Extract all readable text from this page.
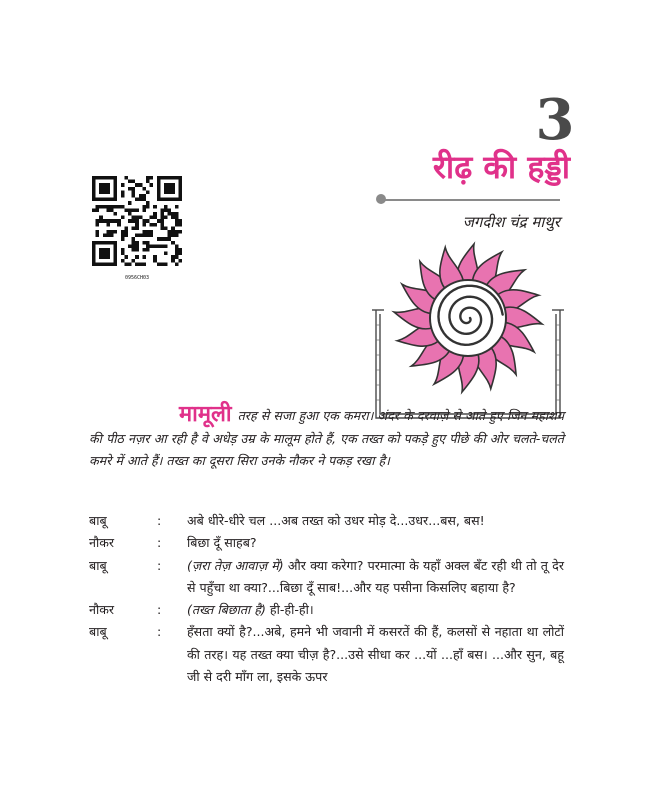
3
रीढ़ की हड्डी
जगदीश चंद्र माथुर
0956CH03
मामूली तरह से सजा हुआ एक कमरा। अंदर के दरवाज़े से आते हुए जिन महाशय की पीठ नज़र आ रही है वे अधेड़ उम्र के मालूम होते हैं, एक तख्त को पकड़े हुए पीछे की ओर चलते-चलते कमरे में आते हैं। तख्त का दूसरा सिरा उनके नौकर ने पकड़ रखा है।
बाबू	:	अबे धीरे-धीरे चल ...अब तख्त को उधर मोड़ दे...उधर...बस, बस!
नौकर	:	बिछा दूँ साहब?
बाबू	:	(ज़रा तेज़ आवाज़ में) और क्या करेगा? परमात्मा के यहाँ अक्ल बँट रही थी तो तू देर से पहुँचा था क्या?...बिछा दूँ साब!...और यह पसीना किसलिए बहाया है?
नौकर	:	(तख्त बिछाता है) ही-ही-ही।
बाबू	:	हँसता क्यों है?...अबे, हमने भी जवानी में कसरतें की हैं, कलसों से नहाता था लोटों की तरह। यह तख्त क्या चीज़ है?...उसे सीधा कर ...यों ...हाँ बस। ...और सुन, बहू जी से दरी माँग ला, इसके ऊपर
